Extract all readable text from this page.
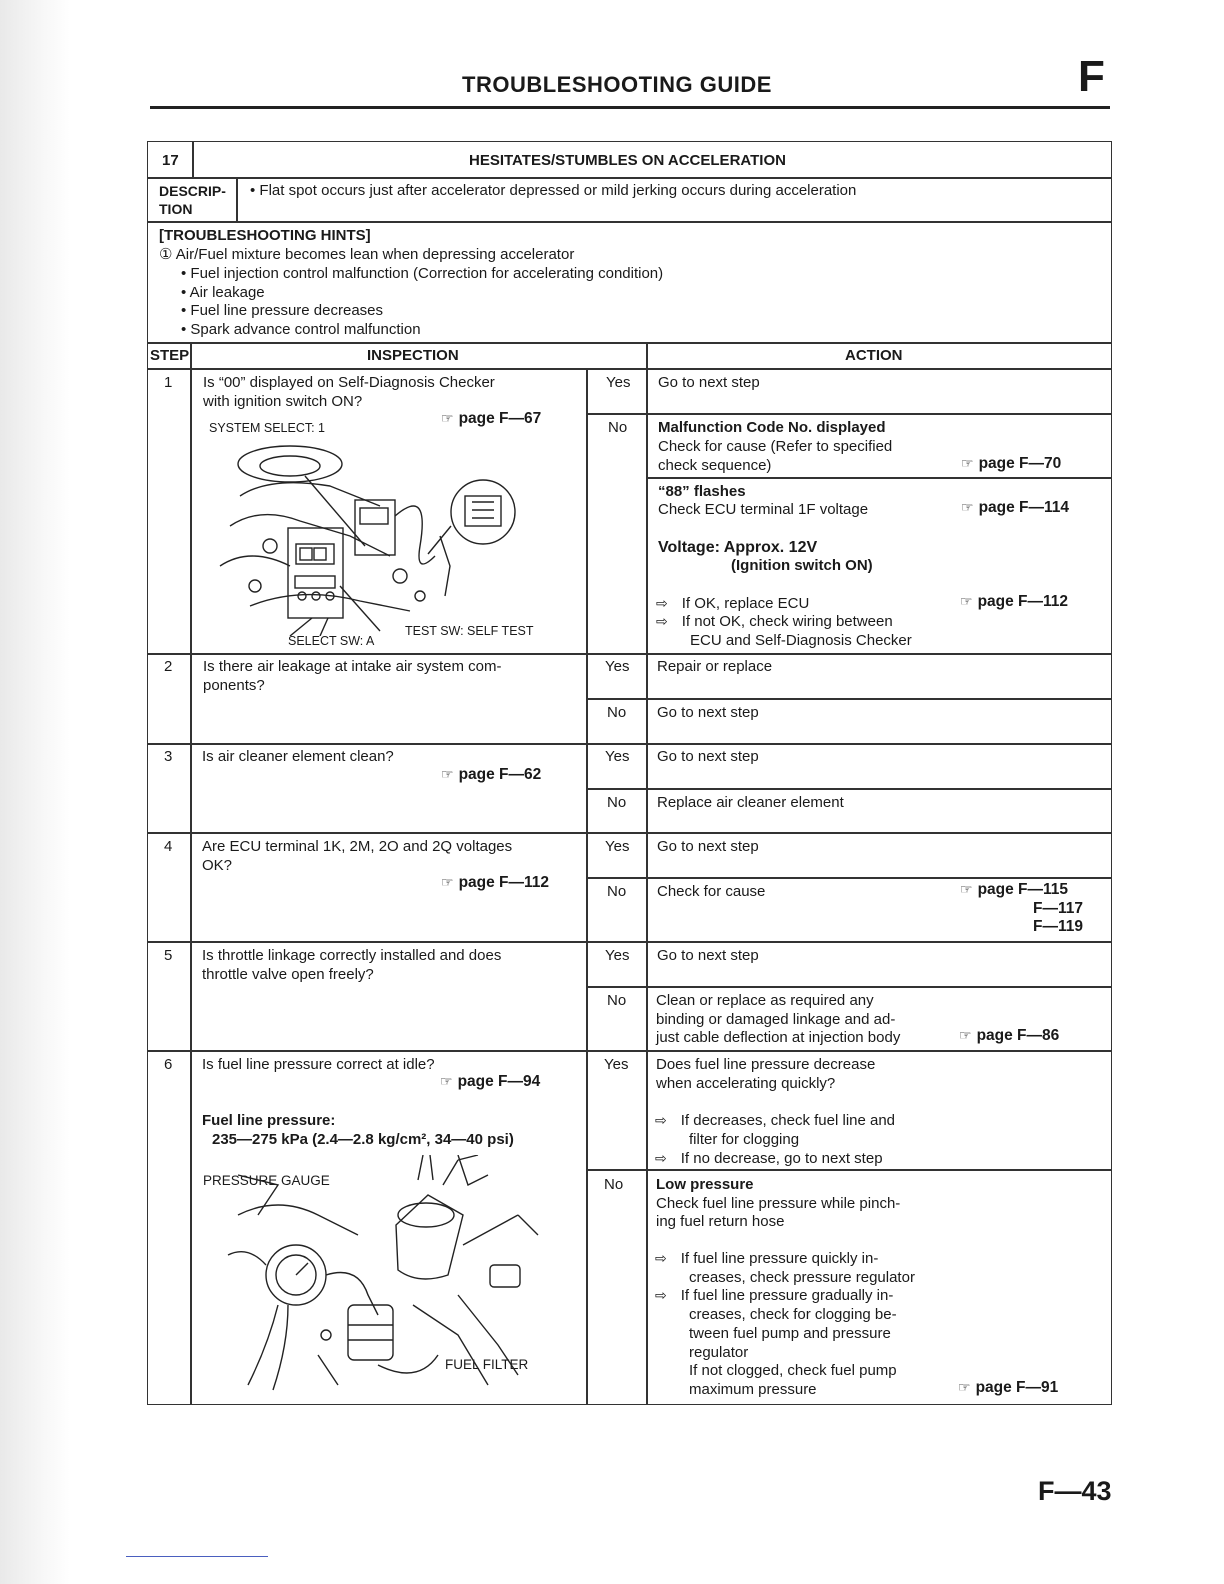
TROUBLESHOOTING GUIDE	F
17	HESITATES/STUMBLES ON ACCELERATION
DESCRIP-
TION
• Flat spot occurs just after accelerator depressed or mild jerking occurs during acceleration
[TROUBLESHOOTING HINTS]
① Air/Fuel mixture becomes lean when depressing accelerator
• Fuel injection control malfunction (Correction for accelerating condition)
• Air leakage
• Fuel line pressure decreases
• Spark advance control malfunction
STEP	INSPECTION	ACTION
1 Is “00” displayed on Self-Diagnosis Checker
with ignition switch ON?
☞ page F—67
SYSTEM SELECT: 1
SELECT SW: A
TEST SW: SELF TEST
Yes Go to next step
No Malfunction Code No. displayed
Check for cause (Refer to specified
check sequence)	☞ page F—70
“88” flashes
Check ECU terminal 1F voltage	☞ page F—114
Voltage: Approx. 12V
(Ignition switch ON)
⇨ If OK, replace ECU	☞ page F—112
⇨ If not OK, check wiring between
ECU and Self-Diagnosis Checker
2 Is there air leakage at intake air system com-
ponents?
Yes Repair or replace
No Go to next step
3 Is air cleaner element clean?
☞ page F—62
Yes Go to next step
No Replace air cleaner element
4 Are ECU terminal 1K, 2M, 2O and 2Q voltages
OK?
☞ page F—112
Yes Go to next step
No Check for cause	☞ page F—115
F—117
F—119
5 Is throttle linkage correctly installed and does
throttle valve open freely?
Yes Go to next step
No Clean or replace as required any
binding or damaged linkage and ad-
just cable deflection at injection body	☞ page F—86
6 Is fuel line pressure correct at idle?
☞ page F—94
Fuel line pressure:
235—275 kPa (2.4—2.8 kg/cm², 34—40 psi)
PRESSURE GAUGE
FUEL FILTER
Yes Does fuel line pressure decrease
when accelerating quickly?
⇨ If decreases, check fuel line and
filter for clogging
⇨ If no decrease, go to next step
No Low pressure
Check fuel line pressure while pinch-
ing fuel return hose
⇨ If fuel line pressure quickly in-
creases, check pressure regulator
⇨ If fuel line pressure gradually in-
creases, check for clogging be-
tween fuel pump and pressure
regulator
If not clogged, check fuel pump
maximum pressure	☞ page F—91
F—43
